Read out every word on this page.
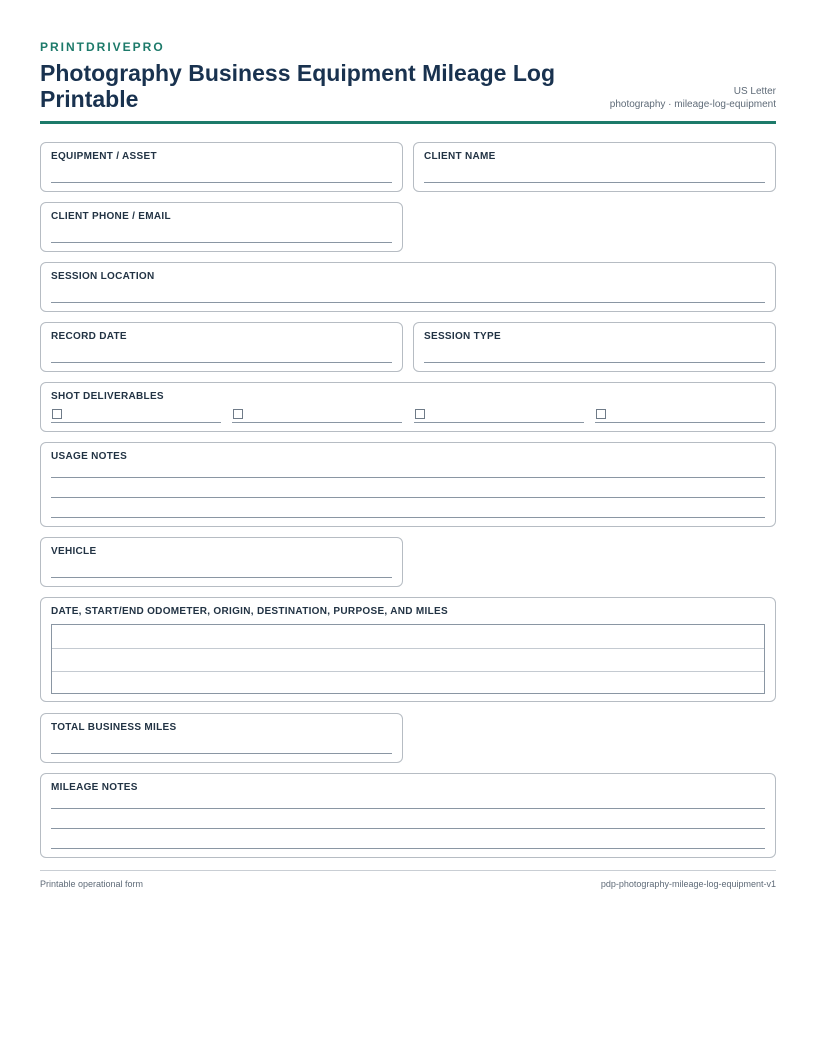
PRINTDRIVEPRO
Photography Business Equipment Mileage Log Printable	US Letter
photography · mileage-log-equipment
EQUIPMENT / ASSET	CLIENT NAME
CLIENT PHONE / EMAIL
SESSION LOCATION
RECORD DATE	SESSION TYPE
SHOT DELIVERABLES
USAGE NOTES
VEHICLE
DATE, START/END ODOMETER, ORIGIN, DESTINATION, PURPOSE, AND MILES
TOTAL BUSINESS MILES
MILEAGE NOTES
Printable operational form	pdp-photography-mileage-log-equipment-v1
